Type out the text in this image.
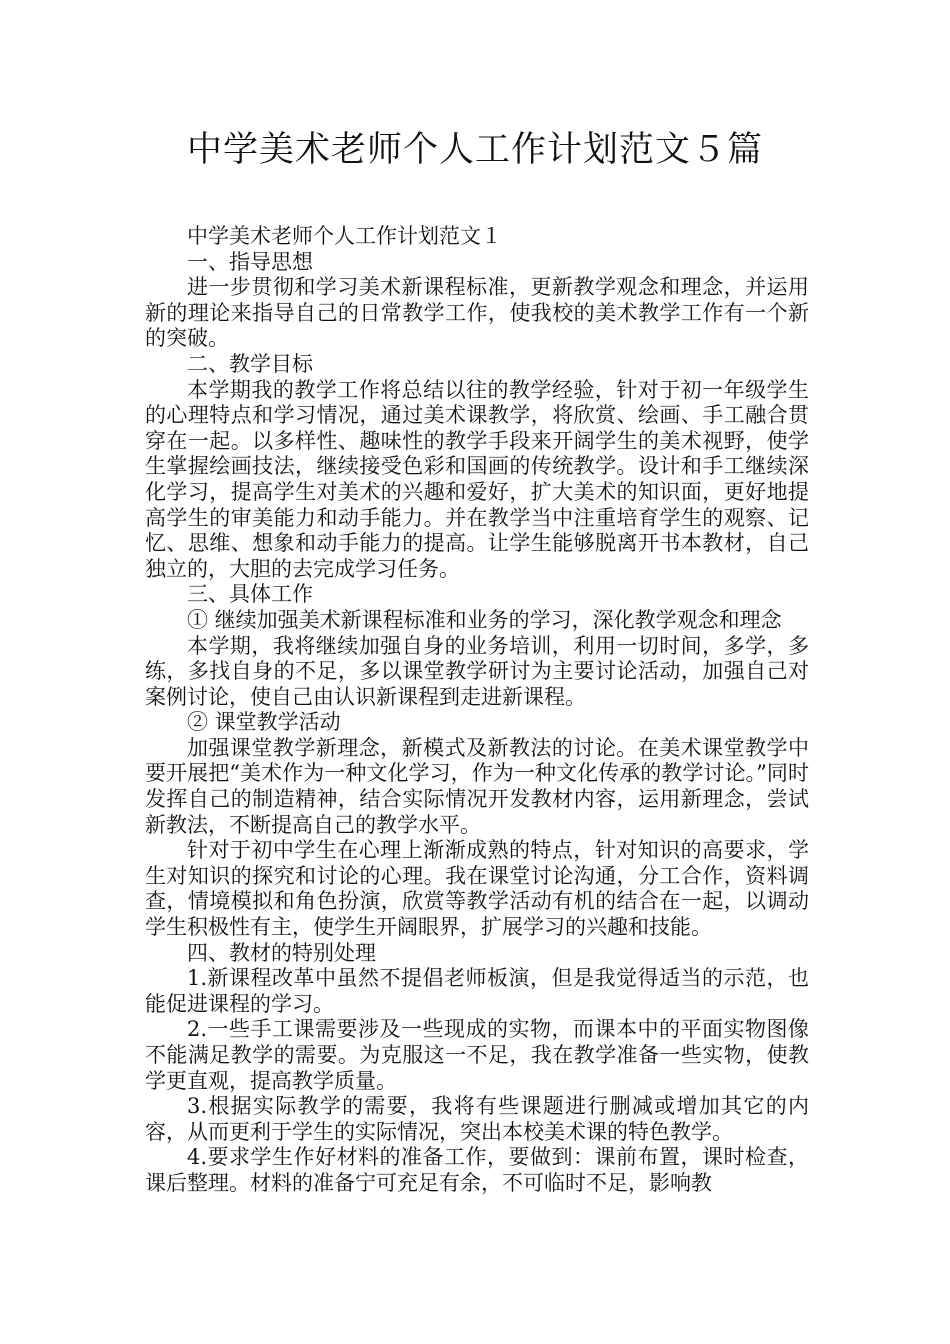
中学美术老师个人工作计划范文５篇

中学美术老师个人工作计划范文１

一、指导思想

进一步贯彻和学习美术新课程标准，更新教学观念和理念，并运用新的理论来指导自己的日常教学工作，使我校的美术教学工作有一个新的突破。

二、教学目标

本学期我的教学工作将总结以往的教学经验，针对于初一年级学生的心理特点和学习情况，通过美术课教学，将欣赏、绘画、手工融合贯穿在一起。以多样性、趣味性的教学手段来开阔学生的美术视野，使学生掌握绘画技法，继续接受色彩和国画的传统教学。设计和手工继续深化学习，提高学生对美术的兴趣和爱好，扩大美术的知识面，更好地提高学生的审美能力和动手能力。并在教学当中注重培育学生的观察、记忆、思维、想象和动手能力的提高。让学生能够脱离开书本教材，自己独立的，大胆的去完成学习任务。

三、具体工作

① 继续加强美术新课程标准和业务的学习，深化教学观念和理念

本学期，我将继续加强自身的业务培训，利用一切时间，多学，多练，多找自身的不足，多以课堂教学研讨为主要讨论活动，加强自己对案例讨论，使自己由认识新课程到走进新课程。

② 课堂教学活动

加强课堂教学新理念，新模式及新教法的讨论。在美术课堂教学中要开展把“美术作为一种文化学习，作为一种文化传承的教学讨论。”同时发挥自己的制造精神，结合实际情况开发教材内容，运用新理念，尝试新教法，不断提高自己的教学水平。

针对于初中学生在心理上渐渐成熟的特点，针对知识的高要求，学生对知识的探究和讨论的心理。我在课堂讨论沟通，分工合作，资料调查，情境模拟和角色扮演，欣赏等教学活动有机的结合在一起，以调动学生积极性有主，使学生开阔眼界，扩展学习的兴趣和技能。

四、教材的特别处理

1.新课程改革中虽然不提倡老师板演，但是我觉得适当的示范，也能促进课程的学习。

2.一些手工课需要涉及一些现成的实物，而课本中的平面实物图像不能满足教学的需要。为克服这一不足，我在教学准备一些实物，使教学更直观，提高教学质量。

3.根据实际教学的需要，我将有些课题进行删减或增加其它的内容，从而更利于学生的实际情况，突出本校美术课的特色教学。

4.要求学生作好材料的准备工作，要做到：课前布置，课时检查，课后整理。材料的准备宁可充足有余，不可临时不足，影响教
